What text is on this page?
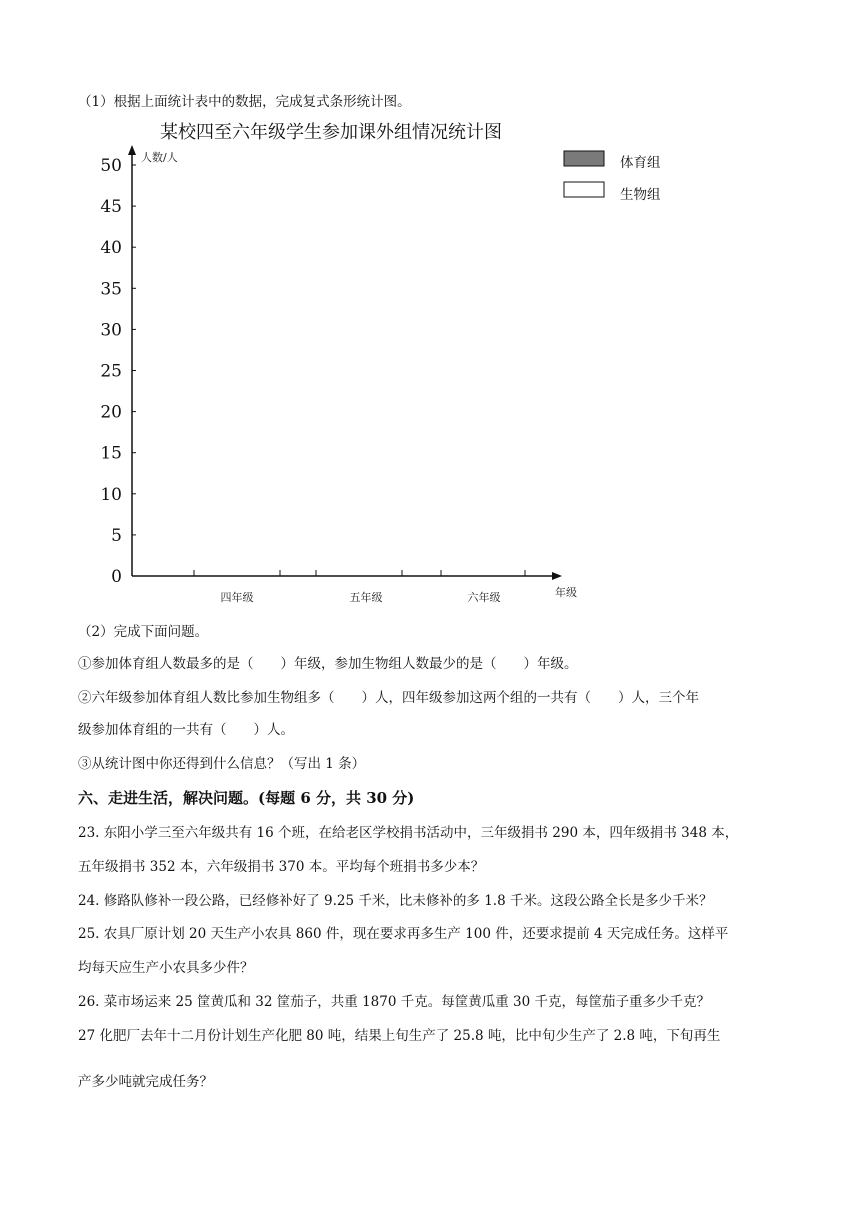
（1）根据上面统计表中的数据，完成复式条形统计图。
某校四至六年级学生参加课外组情况统计图
0
5
10
15
20
25
30
35
40
45
50
四年级	五年级	六年级
人数/人
年级
体育组
生物组
（2）完成下面问题。
①参加体育组人数最多的是（　　）年级，参加生物组人数最少的是（　　）年级。
②六年级参加体育组人数比参加生物组多（　　）人，四年级参加这两个组的一共有（　　）人，三个年
级参加体育组的一共有（　　）人。
③从统计图中你还得到什么信息？（写出 1 条）
六、走进生活，解决问题。(每题 6 分，共 30 分)
23. 东阳小学三至六年级共有 16 个班，在给老区学校捐书活动中，三年级捐书 290 本，四年级捐书 348 本，
五年级捐书 352 本，六年级捐书 370 本。平均每个班捐书多少本？
24. 修路队修补一段公路，已经修补好了 9.25 千米，比未修补的多 1.8 千米。这段公路全长是多少千米？
25. 农具厂原计划 20 天生产小农具 860 件，现在要求再多生产 100 件，还要求提前 4 天完成任务。这样平
均每天应生产小农具多少件？
26. 菜市场运来 25 筐黄瓜和 32 筐茄子，共重 1870 千克。每筐黄瓜重 30 千克，每筐茄子重多少千克？
27 化肥厂去年十二月份计划生产化肥 80 吨，结果上旬生产了 25.8 吨，比中旬少生产了 2.8 吨，下旬再生
产多少吨就完成任务？
